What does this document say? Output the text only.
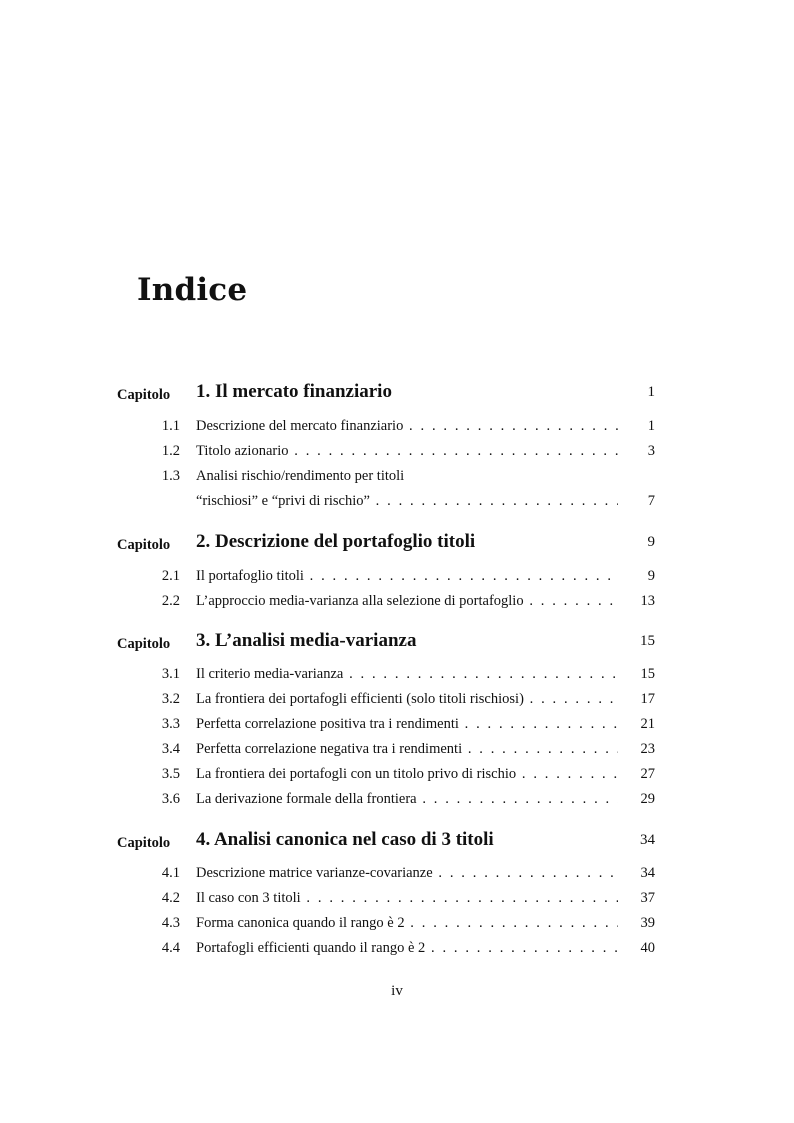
Indice
Capitolo 1. Il mercato finanziario	1
1.1 Descrizione del mercato finanziario . . .	1
1.2 Titolo azionario . . .	3
1.3 Analisi rischio/rendimento per titoli
“rischiosi” e “privi di rischio” . . .	7
Capitolo 2. Descrizione del portafoglio titoli	9
2.1 Il portafoglio titoli . . .	9
2.2 L’approccio media-varianza alla selezione di portafoglio . . .	13
Capitolo 3. L’analisi media-varianza	15
3.1 Il criterio media-varianza . . .	15
3.2 La frontiera dei portafogli efficienti (solo titoli rischiosi) . . .	17
3.3 Perfetta correlazione positiva tra i rendimenti . . .	21
3.4 Perfetta correlazione negativa tra i rendimenti . . .	23
3.5 La frontiera dei portafogli con un titolo privo di rischio . . .	27
3.6 La derivazione formale della frontiera . . .	29
Capitolo 4. Analisi canonica nel caso di 3 titoli	34
4.1 Descrizione matrice varianze-covarianze . . .	34
4.2 Il caso con 3 titoli . . .	37
4.3 Forma canonica quando il rango è 2 . . .	39
4.4 Portafogli efficienti quando il rango è 2 . . .	40
iv
